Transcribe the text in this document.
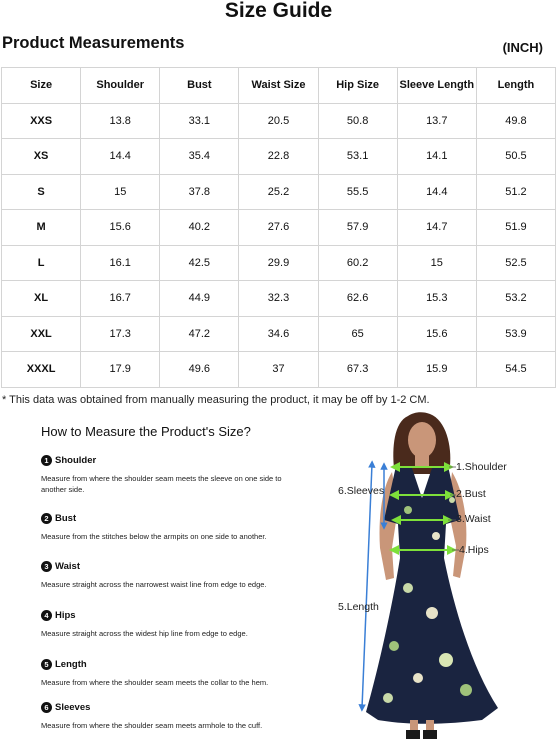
Size Guide
Product Measurements	(INCH)
Size	Shoulder	Bust	Waist Size	Hip Size	Sleeve Length	Length
XXS	13.8	33.1	20.5	50.8	13.7	49.8
XS	14.4	35.4	22.8	53.1	14.1	50.5
S	15	37.8	25.2	55.5	14.4	51.2
M	15.6	40.2	27.6	57.9	14.7	51.9
L	16.1	42.5	29.9	60.2	15	52.5
XL	16.7	44.9	32.3	62.6	15.3	53.2
XXL	17.3	47.2	34.6	65	15.6	53.9
XXXL	17.9	49.6	37	67.3	15.9	54.5
* This data was obtained from manually measuring the product, it may be off by 1-2 CM.
How to Measure the Product's Size?
1 Shoulder
Measure from where the shoulder seam meets the sleeve on one side to another side.
2 Bust
Measure from the stitches below the armpits on one side to another.
3 Waist
Measure straight across the narrowest waist line from edge to edge.
4 Hips
Measure straight across the widest hip line from edge to edge.
5 Length
Measure from where the shoulder seam meets the collar to the hem.
6 Sleeves
Measure from where the shoulder seam meets armhole to the cuff.
1.Shoulder
2.Bust
3.Waist
4.Hips
6.Sleeves
5.Length
